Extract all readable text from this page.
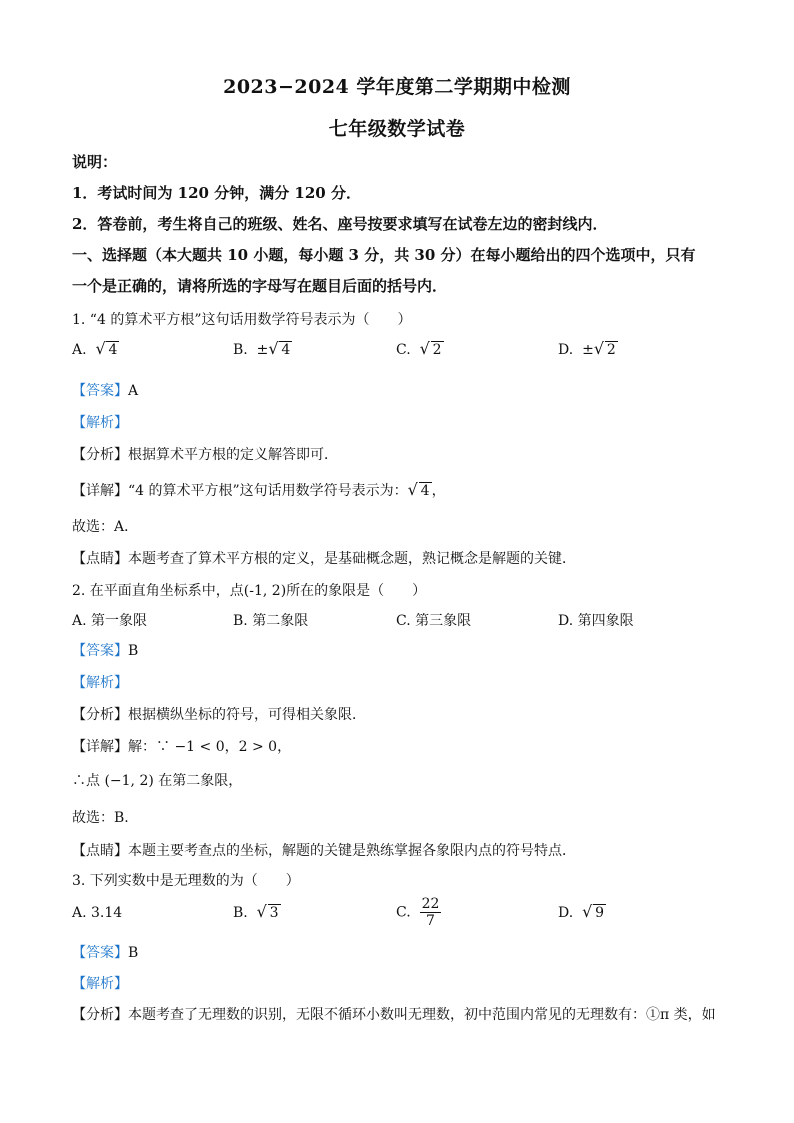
2023−2024 学年度第二学期期中检测
七年级数学试卷
说明：
1．考试时间为 120 分钟，满分 120 分．
2．答卷前，考生将自己的班级、姓名、座号按要求填写在试卷左边的密封线内．
一、选择题（本大题共 10 小题，每小题 3 分，共 30 分）在每小题给出的四个选项中，只有
一个是正确的，请将所选的字母写在题目后面的括号内．
1. “4 的算术平方根”这句话用数学符号表示为（　　）
A. √ 4	B. ± √ 4	C. √ 2	D. ± √ 2
【答案】A
【解析】
【分析】根据算术平方根的定义解答即可．
【详解】“4 的算术平方根”这句话用数学符号表示为： √ 4 ，
故选：A．
【点睛】本题考查了算术平方根的定义，是基础概念题，熟记概念是解题的关键．
2. 在平面直角坐标系中，点(-1, 2)所在的象限是（　　）
A. 第一象限	B. 第二象限	C. 第三象限	D. 第四象限
【答案】B
【解析】
【分析】根据横纵坐标的符号，可得相关象限．
【详解】解：∵ −1 < 0，2 > 0，
∴点 (−1, 2) 在第二象限，
故选：B.
【点睛】本题主要考查点的坐标，解题的关键是熟练掌握各象限内点的符号特点．
3. 下列实数中是无理数的为（　　）
A. 3.14	B. √ 3	C. $\frac{22}{7}$	D. √ 9
【答案】B
【解析】
【分析】本题考查了无理数的识别，无限不循环小数叫无理数，初中范围内常见的无理数有：①π 类，如
